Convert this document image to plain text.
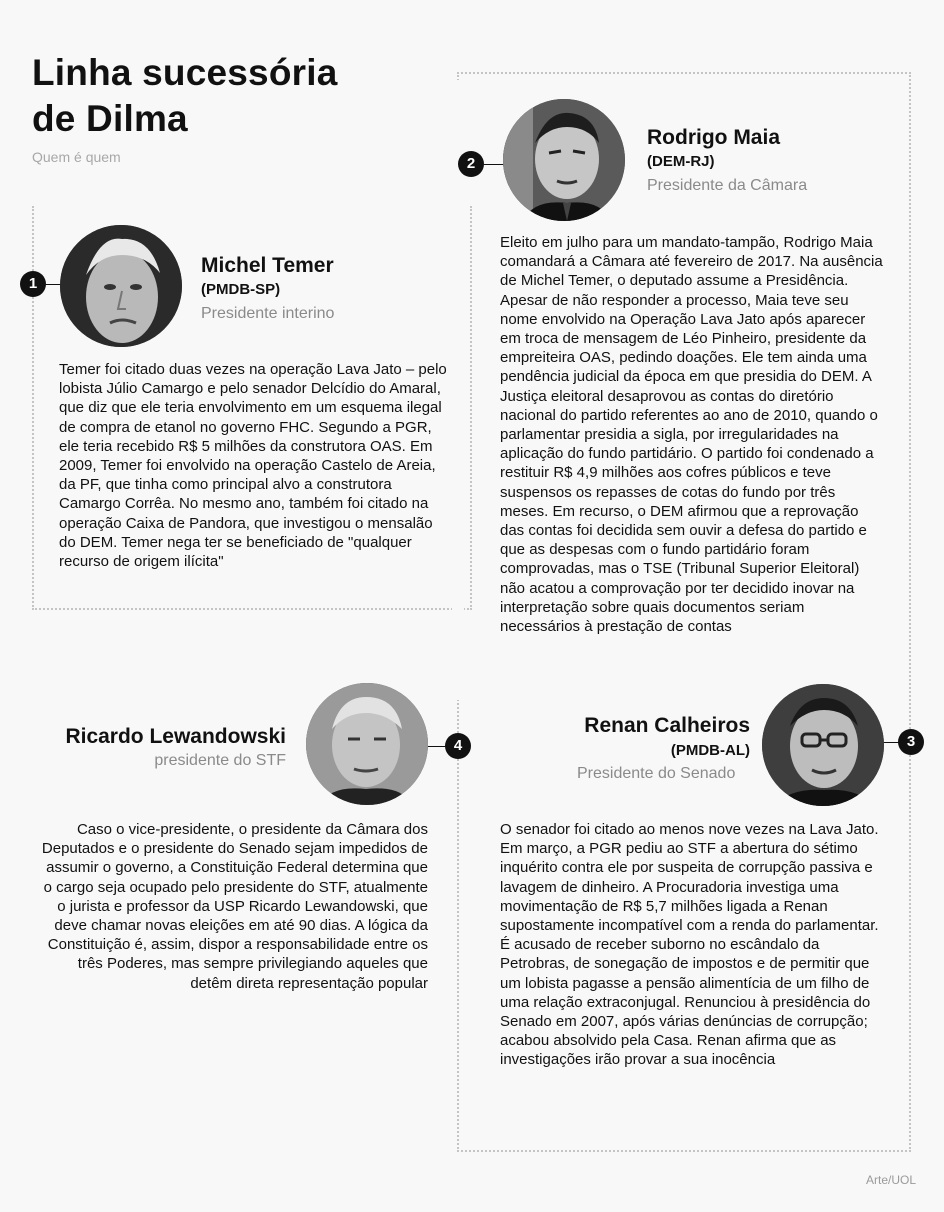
Linha sucessória
de Dilma
Quem é quem
1
Michel Temer
(PMDB-SP)
Presidente interino

Temer foi citado duas vezes na operação Lava Jato – pelo lobista Júlio Camargo e pelo senador Delcídio do Amaral, que diz que ele teria envolvimento em um esquema ilegal de compra de etanol no governo FHC. Segundo a PGR, ele teria recebido R$ 5 milhões da construtora OAS. Em 2009, Temer foi envolvido na operação Castelo de Areia, da PF, que tinha como principal alvo a construtora Camargo Corrêa. No mesmo ano, também foi citado na operação Caixa de Pandora, que investigou o mensalão do DEM. Temer nega ter se beneficiado de "qualquer recurso de origem ilícita"

2
Rodrigo Maia
(DEM-RJ)
Presidente da Câmara

Eleito em julho para um mandato-tampão, Rodrigo Maia comandará a Câmara até fevereiro de 2017. Na ausência de Michel Temer, o deputado assume a Presidência. Apesar de não responder a processo, Maia teve seu nome envolvido na Operação Lava Jato após aparecer em troca de mensagem de Léo Pinheiro, presidente da empreiteira OAS, pedindo doações. Ele tem ainda uma pendência judicial da época em que presidia do DEM. A Justiça eleitoral desaprovou as contas do diretório nacional do partido referentes ao ano de 2010, quando o parlamentar presidia a sigla, por irregularidades na aplicação do fundo partidário. O partido foi condenado a restituir R$ 4,9 milhões aos cofres públicos e teve suspensos os repasses de cotas do fundo por três meses. Em recurso, o DEM afirmou que a reprovação das contas foi decidida sem ouvir a defesa do partido e que as despesas com o fundo partidário foram comprovadas, mas o TSE (Tribunal Superior Eleitoral) não acatou a comprovação por ter decidido inovar na interpretação sobre quais documentos seriam necessários à prestação de contas

4
Ricardo Lewandowski
presidente do STF

Caso o vice-presidente, o presidente da Câmara dos Deputados e o presidente do Senado sejam impedidos de assumir o governo, a Constituição Federal determina que o cargo seja ocupado pelo presidente do STF, atualmente o jurista e professor da USP Ricardo Lewandowski, que deve chamar novas eleições em até 90 dias. A lógica da Constituição é, assim, dispor a responsabilidade entre os três Poderes, mas sempre privilegiando aqueles que detêm direta representação popular

3
Renan Calheiros
(PMDB-AL)
Presidente do Senado

O senador foi citado ao menos nove vezes na Lava Jato. Em março, a PGR pediu ao STF a abertura do sétimo inquérito contra ele por suspeita de corrupção passiva e lavagem de dinheiro. A Procuradoria investiga uma movimentação de R$ 5,7 milhões ligada a Renan supostamente incompatível com a renda do parlamentar. É acusado de receber suborno no escândalo da Petrobras, de sonegação de impostos e de permitir que um lobista pagasse a pensão alimentícia de um filho de uma relação extraconjugal. Renunciou à presidência do Senado em 2007, após várias denúncias de corrupção; acabou absolvido pela Casa. Renan afirma que as investigações irão provar a sua inocência

Arte/UOL
